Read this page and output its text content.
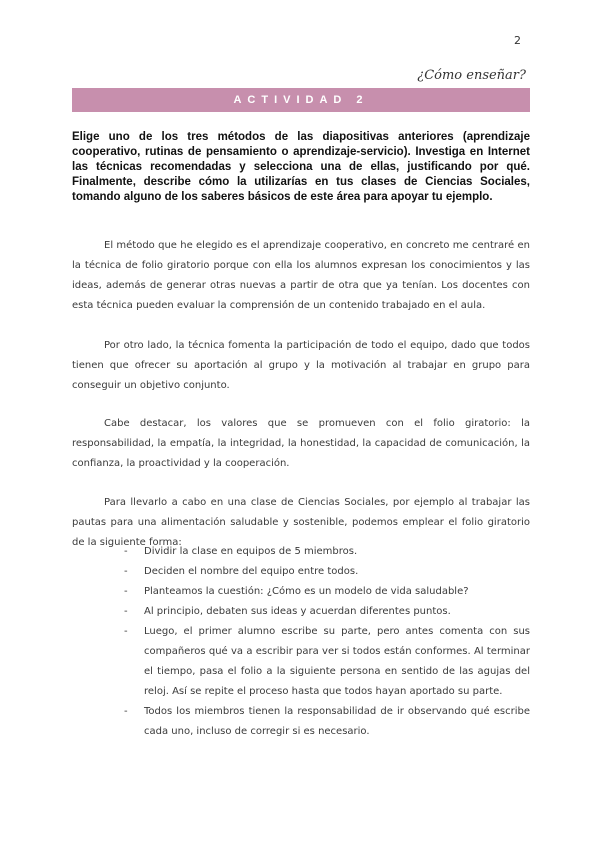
2
¿Cómo enseñar?
ACTIVIDAD 2
Elige uno de los tres métodos de las diapositivas anteriores (aprendizaje cooperativo, rutinas de pensamiento o aprendizaje-servicio). Investiga en Internet las técnicas recomendadas y selecciona una de ellas, justificando por qué. Finalmente, describe cómo la utilizarías en tus clases de Ciencias Sociales, tomando alguno de los saberes básicos de este área para apoyar tu ejemplo.

El método que he elegido es el aprendizaje cooperativo, en concreto me centraré en la técnica de folio giratorio porque con ella los alumnos expresan los conocimientos y las ideas, además de generar otras nuevas a partir de otra que ya tenían. Los docentes con esta técnica pueden evaluar la comprensión de un contenido trabajado en el aula.

Por otro lado, la técnica fomenta la participación de todo el equipo, dado que todos tienen que ofrecer su aportación al grupo y la motivación al trabajar en grupo para conseguir un objetivo conjunto.

Cabe destacar, los valores que se promueven con el folio giratorio: la responsabilidad, la empatía, la integridad, la honestidad, la capacidad de comunicación, la confianza, la proactividad y la cooperación.

Para llevarlo a cabo en una clase de Ciencias Sociales, por ejemplo al trabajar las pautas para una alimentación saludable y sostenible, podemos emplear el folio giratorio de la siguiente forma:

- Dividir la clase en equipos de 5 miembros.
- Deciden el nombre del equipo entre todos.
- Planteamos la cuestión: ¿Cómo es un modelo de vida saludable?
- Al principio, debaten sus ideas y acuerdan diferentes puntos.
- Luego, el primer alumno escribe su parte, pero antes comenta con sus compañeros qué va a escribir para ver si todos están conformes. Al terminar el tiempo, pasa el folio a la siguiente persona en sentido de las agujas del reloj. Así se repite el proceso hasta que todos hayan aportado su parte.
- Todos los miembros tienen la responsabilidad de ir observando qué escribe cada uno, incluso de corregir si es necesario.
